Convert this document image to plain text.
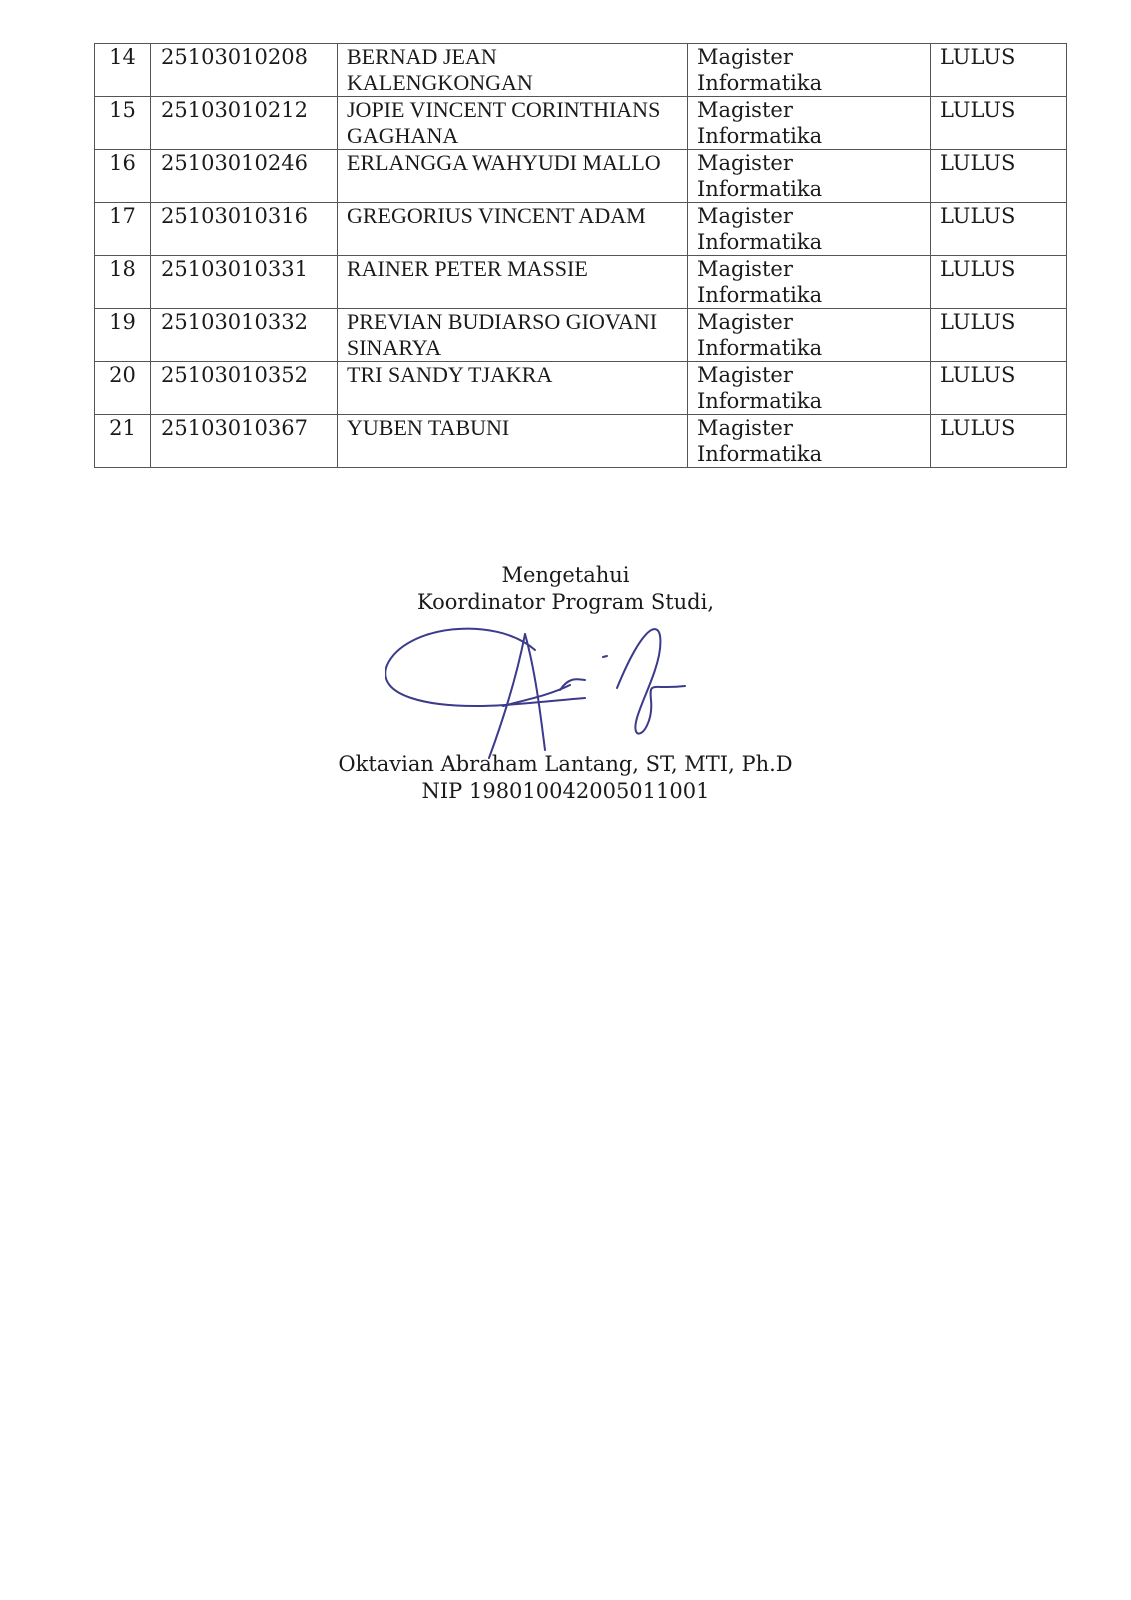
14	25103010208	BERNAD JEAN KALENGKONGAN	Magister Informatika	LULUS
15	25103010212	JOPIE VINCENT CORINTHIANS GAGHANA	Magister Informatika	LULUS
16	25103010246	ERLANGGA WAHYUDI MALLO	Magister Informatika	LULUS
17	25103010316	GREGORIUS VINCENT ADAM	Magister Informatika	LULUS
18	25103010331	RAINER PETER MASSIE	Magister Informatika	LULUS
19	25103010332	PREVIAN BUDIARSO GIOVANI SINARYA	Magister Informatika	LULUS
20	25103010352	TRI SANDY TJAKRA	Magister Informatika	LULUS
21	25103010367	YUBEN TABUNI	Magister Informatika	LULUS
Mengetahui
Koordinator Program Studi,
Oktavian Abraham Lantang, ST, MTI, Ph.D
NIP 198010042005011001
